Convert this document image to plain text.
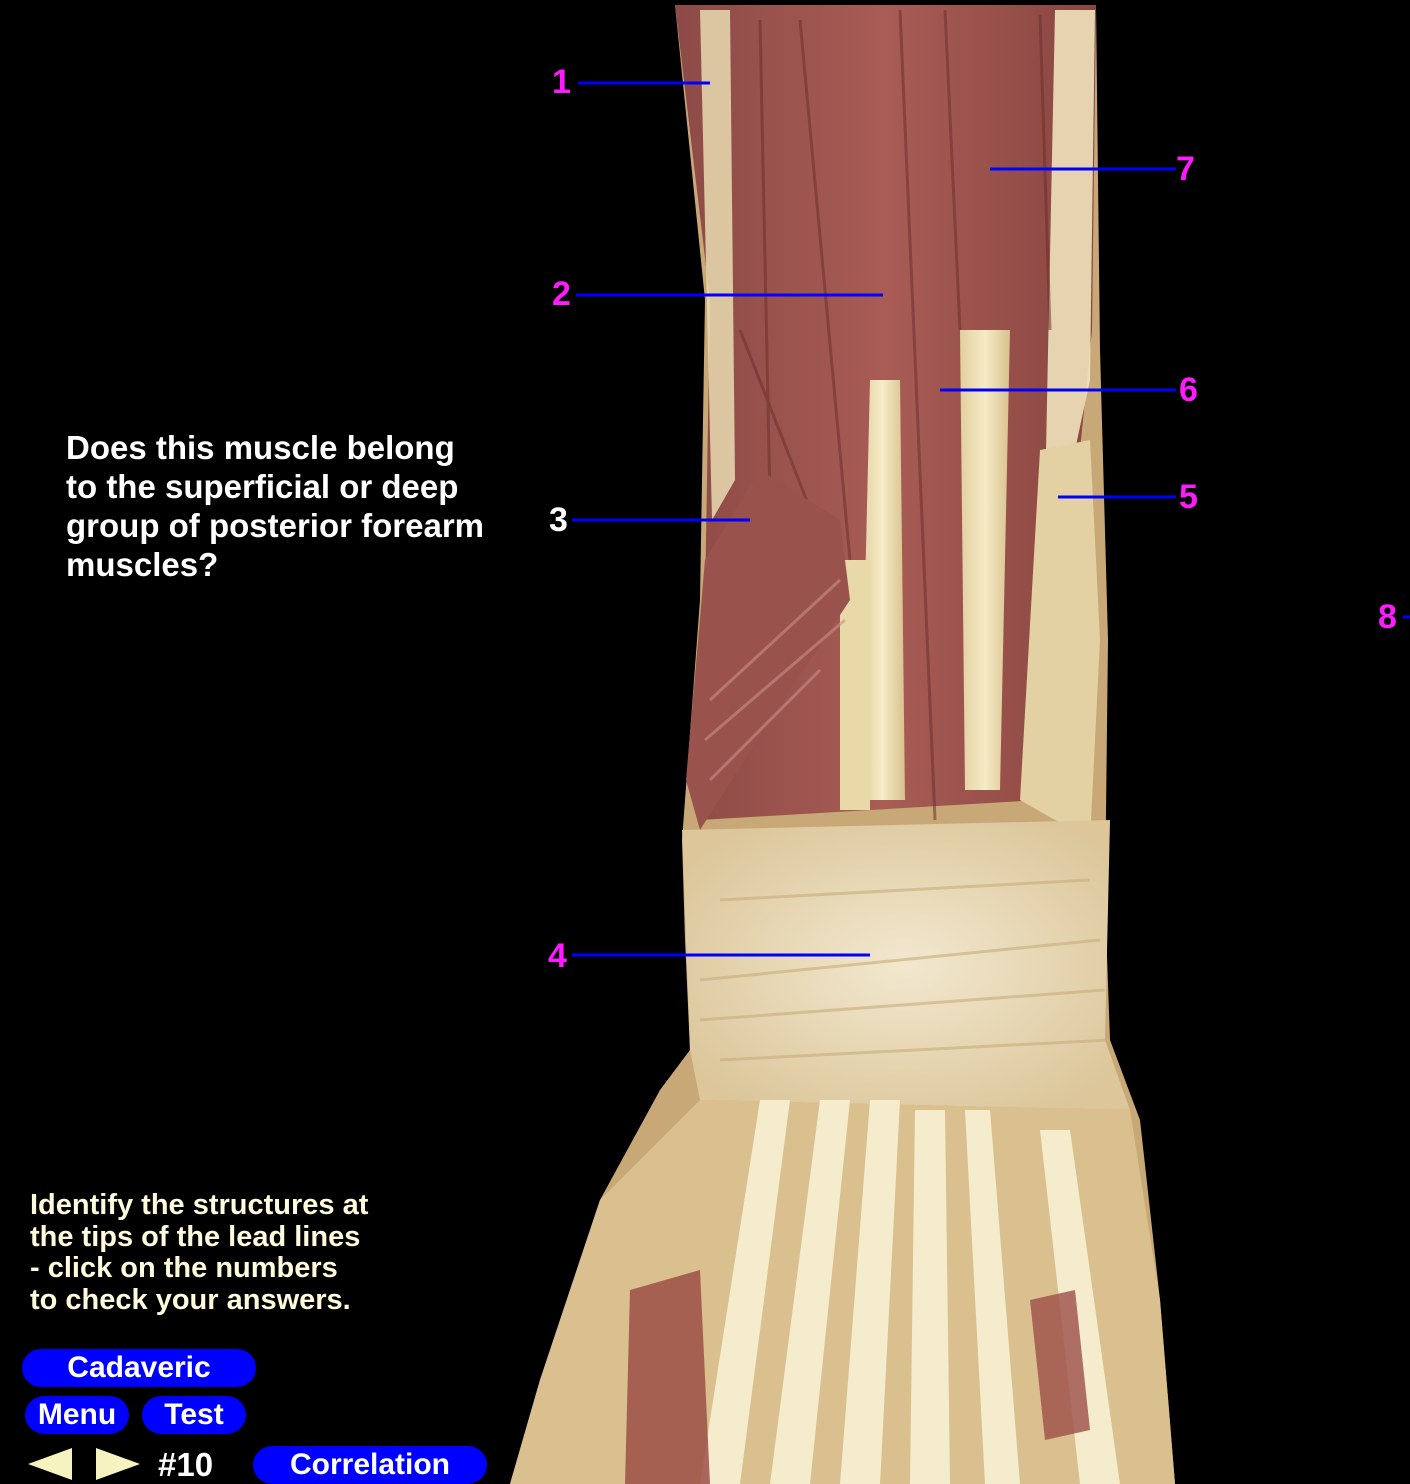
1
2
3
4
5
6
7
8
Does this muscle belong
to the superficial or deep
group of posterior forearm
muscles?
Identify the structures at
the tips of the lead lines
- click on the numbers
to check your answers.
Cadaveric
Menu	Test
Correlation
#10
